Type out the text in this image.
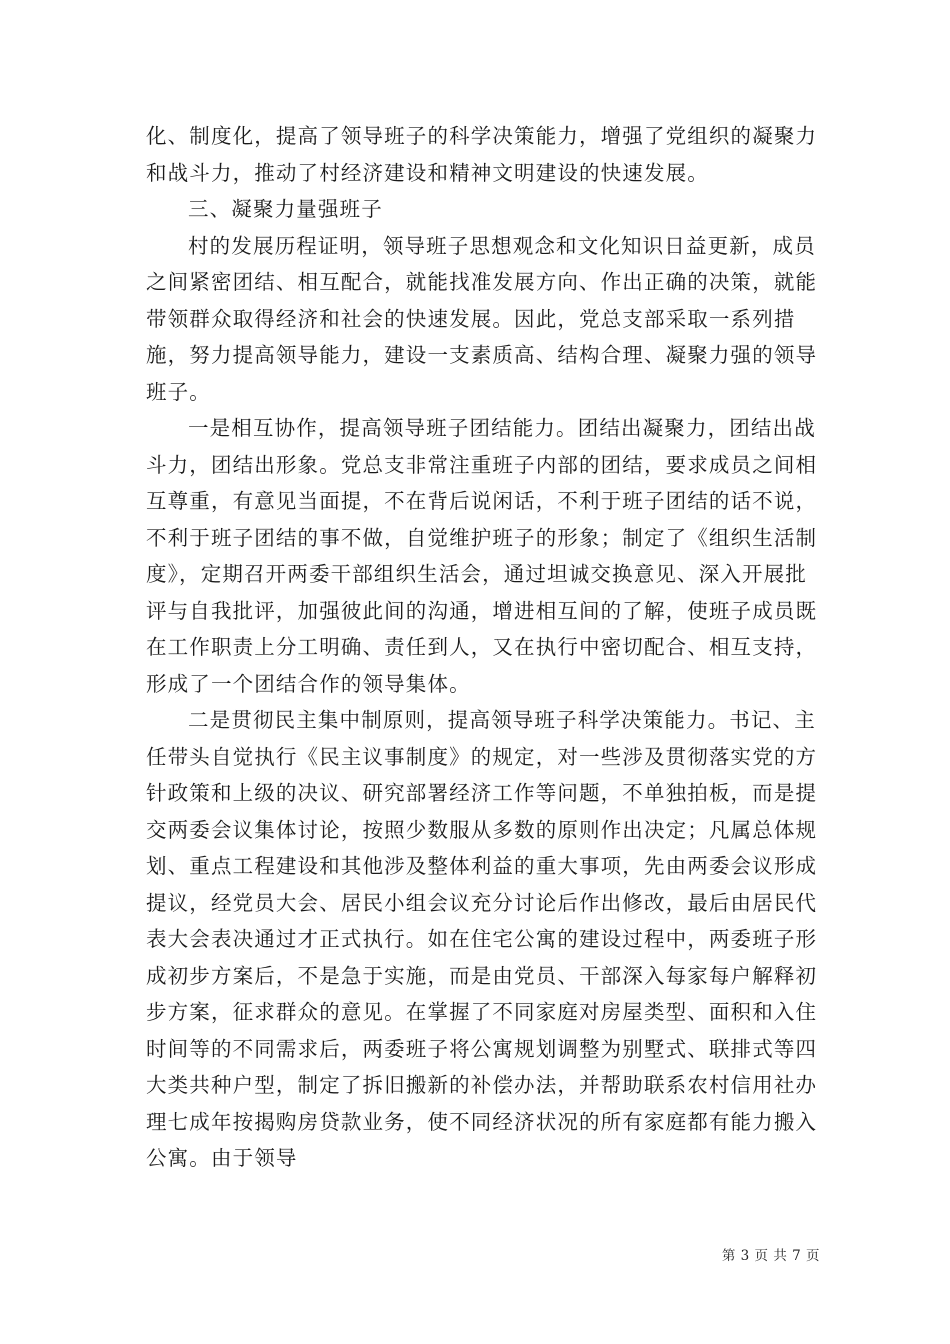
化、制度化，提高了领导班子的科学决策能力，增强了党组织的凝聚力和战斗力，推动了村经济建设和精神文明建设的快速发展。

三、凝聚力量强班子

村的发展历程证明，领导班子思想观念和文化知识日益更新，成员之间紧密团结、相互配合，就能找准发展方向、作出正确的决策，就能带领群众取得经济和社会的快速发展。因此，党总支部采取一系列措施，努力提高领导能力，建设一支素质高、结构合理、凝聚力强的领导班子。

一是相互协作，提高领导班子团结能力。团结出凝聚力，团结出战斗力，团结出形象。党总支非常注重班子内部的团结，要求成员之间相互尊重，有意见当面提，不在背后说闲话，不利于班子团结的话不说，不利于班子团结的事不做，自觉维护班子的形象；制定了《组织生活制度》，定期召开两委干部组织生活会，通过坦诚交换意见、深入开展批评与自我批评，加强彼此间的沟通，增进相互间的了解，使班子成员既在工作职责上分工明确、责任到人，又在执行中密切配合、相互支持，形成了一个团结合作的领导集体。

二是贯彻民主集中制原则，提高领导班子科学决策能力。书记、主任带头自觉执行《民主议事制度》的规定，对一些涉及贯彻落实党的方针政策和上级的决议、研究部署经济工作等问题，不单独拍板，而是提交两委会议集体讨论，按照少数服从多数的原则作出决定；凡属总体规划、重点工程建设和其他涉及整体利益的重大事项，先由两委会议形成提议，经党员大会、居民小组会议充分讨论后作出修改，最后由居民代表大会表决通过才正式执行。如在住宅公寓的建设过程中，两委班子形成初步方案后，不是急于实施，而是由党员、干部深入每家每户解释初步方案，征求群众的意见。在掌握了不同家庭对房屋类型、面积和入住时间等的不同需求后，两委班子将公寓规划调整为别墅式、联排式等四大类共种户型，制定了拆旧搬新的补偿办法，并帮助联系农村信用社办理七成年按揭购房贷款业务，使不同经济状况的所有家庭都有能力搬入公寓。由于领导

第 3 页 共 7 页
